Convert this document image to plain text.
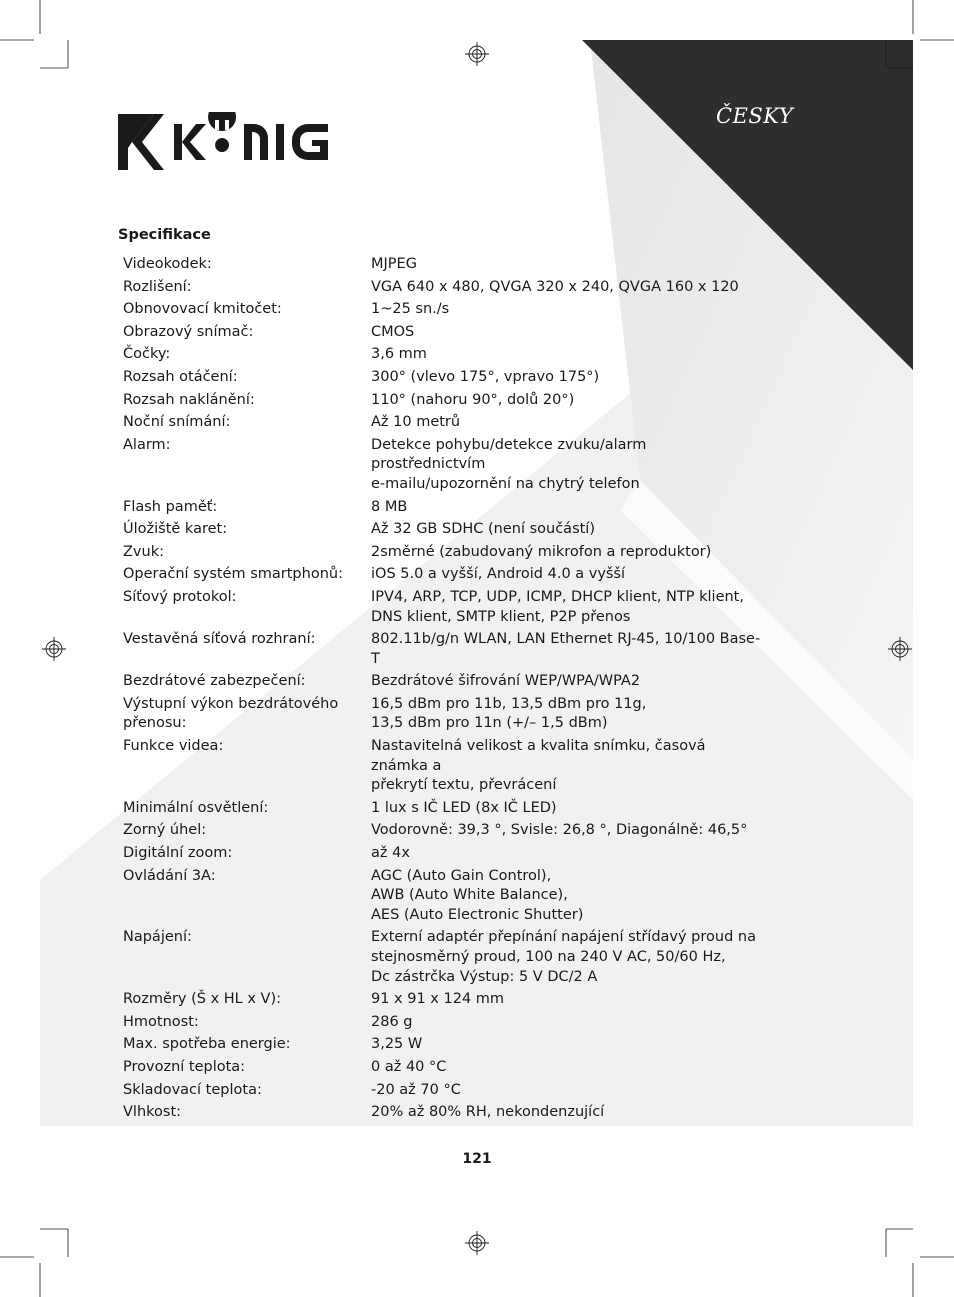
ČESKY
Specifikace
Videokodek:	MJPEG
Rozlišení:	VGA 640 x 480, QVGA 320 x 240, QVGA 160 x 120
Obnovovací kmitočet:	1~25 sn./s
Obrazový snímač:	CMOS
Čočky:	3,6 mm
Rozsah otáčení:	300° (vlevo 175°, vpravo 175°)
Rozsah naklánění:	110° (nahoru 90°, dolů 20°)
Noční snímání:	Až 10 metrů
Alarm:	Detekce pohybu/detekce zvuku/alarm prostřednictvím
e-mailu/upozornění na chytrý telefon
Flash paměť:	8 MB
Úložiště karet:	Až 32 GB SDHC (není součástí)
Zvuk:	2směrné (zabudovaný mikrofon a reproduktor)
Operační systém smartphonů:	iOS 5.0 a vyšší, Android 4.0 a vyšší
Síťový protokol:	IPV4, ARP, TCP, UDP, ICMP, DHCP klient, NTP klient,
DNS klient, SMTP klient, P2P přenos
Vestavěná síťová rozhraní:	802.11b/g/n WLAN, LAN Ethernet RJ-45, 10/100 Base-T
Bezdrátové zabezpečení:	Bezdrátové šifrování WEP/WPA/WPA2
Výstupní výkon bezdrátového
přenosu:	16,5 dBm pro 11b, 13,5 dBm pro 11g,
13,5 dBm pro 11n (+/– 1,5 dBm)
Funkce videa:	Nastavitelná velikost a kvalita snímku, časová známka a
překrytí textu, převrácení
Minimální osvětlení:	1 lux s IČ LED (8x IČ LED)
Zorný úhel:	Vodorovně: 39,3 °, Svisle: 26,8 °, Diagonálně: 46,5°
Digitální zoom:	až 4x
Ovládání 3A:	AGC (Auto Gain Control),
AWB (Auto White Balance),
AES (Auto Electronic Shutter)
Napájení:	Externí adaptér přepínání napájení střídavý proud na
stejnosměrný proud, 100 na 240 V AC, 50/60 Hz,
Dc zástrčka Výstup: 5 V DC/2 A
Rozměry (Š x HL x V):	91 x 91 x 124 mm
Hmotnost:	286 g
Max. spotřeba energie:	3,25 W
Provozní teplota:	0 až 40 °C
Skladovací teplota:	-20 až 70 °C
Vlhkost:	20% až 80% RH, nekondenzující
121
